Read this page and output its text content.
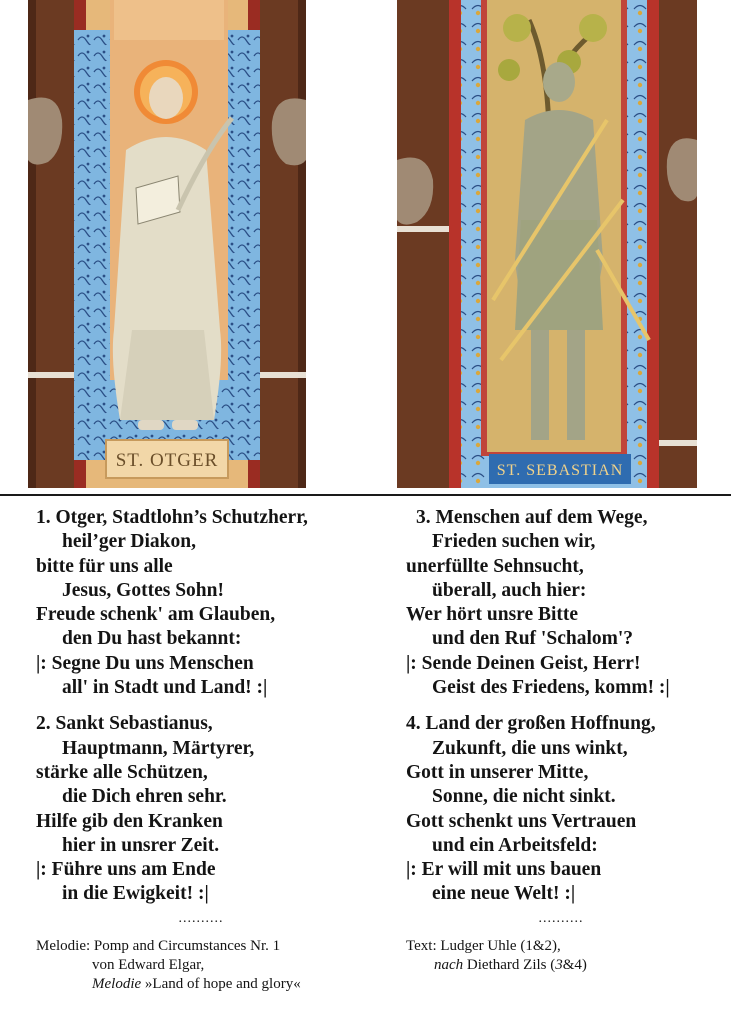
ST. OTGER	ST. SEBASTIAN
1. Otger, Stadtlohn’s Schutzherr,
heil’ger Diakon,
bitte für uns alle
Jesus, Gottes Sohn!
Freude schenk' am Glauben,
den Du hast bekannt:
|: Segne Du uns Menschen
all' in Stadt und Land! :|
2. Sankt Sebastianus,
Hauptmann, Märtyrer,
stärke alle Schützen,
die Dich ehren sehr.
Hilfe gib den Kranken
hier in unsrer Zeit.
|: Führe uns am Ende
in die Ewigkeit! :|
..........
Melodie: Pomp and Circumstances Nr. 1
von Edward Elgar,
Melodie »Land of hope and glory«
3. Menschen auf dem Wege,
Frieden suchen wir,
unerfüllte Sehnsucht,
überall, auch hier:
Wer hört unsre Bitte
und den Ruf 'Schalom'?
|: Sende Deinen Geist, Herr!
Geist des Friedens, komm! :|
4. Land der großen Hoffnung,
Zukunft, die uns winkt,
Gott in unserer Mitte,
Sonne, die nicht sinkt.
Gott schenkt uns Vertrauen
und ein Arbeitsfeld:
|: Er will mit uns bauen
eine neue Welt! :|
..........
Text: Ludger Uhle (1&2),
nach Diethard Zils (3&4)
